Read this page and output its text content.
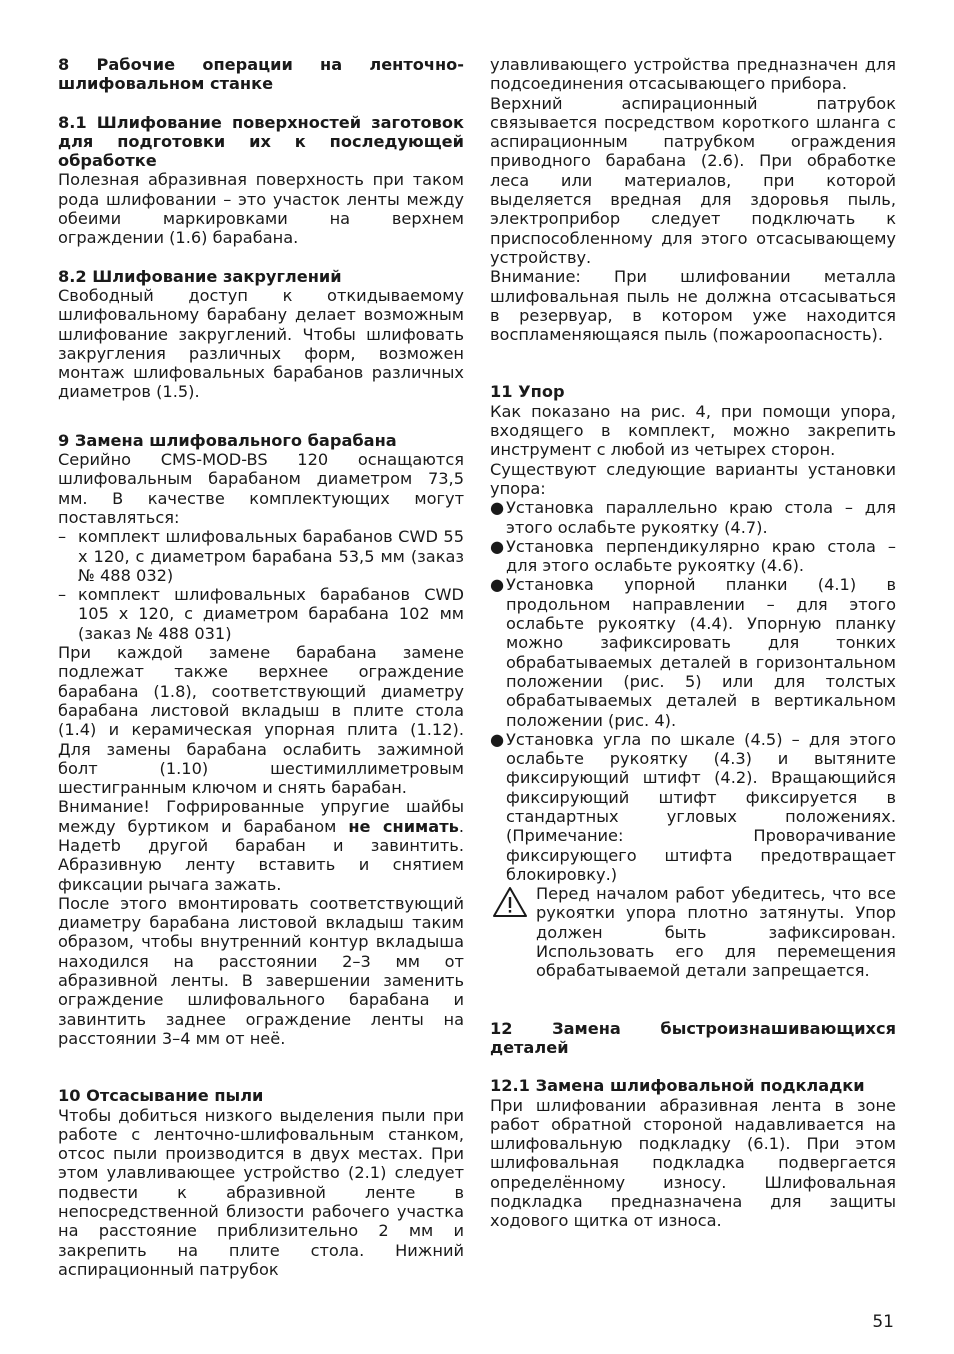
8 Рабочие операции на ленточно-шлифовальном станке

8.1 Шлифование поверхностей заготовок для подготовки их к последующей обработке

Полезная абразивная поверхность при таком рода шлифовании – это участок ленты между обеими маркировками на верхнем ограждении (1.6) барабана.

8.2 Шлифование закруглений

Свободный доступ к откидываемому шлифовальному барабану делает возможным шлифование закруглений. Чтобы шлифовать закругления различных форм, возможен монтаж шлифовальных барабанов различных диаметров (1.5).

9 Замена шлифовального барабана

Серийно CMS-MOD-BS 120 оснащаются шлифовальным барабаном диаметром 73,5 мм. В качестве комплектующих могут поставляться:

– комплект шлифовальных барабанов CWD 55 x 120, с диаметром барабана 53,5 мм (заказ № 488 032)
– комплект шлифовальных барабанов CWD 105 x 120, с диаметром барабана 102 мм (заказ № 488 031)

При каждой замене барабана замене подлежат также верхнее ограждение барабана (1.8), соответствующий диаметру барабана листовой вкладыш в плите стола (1.4) и керамическая упорная плита (1.12). Для замены барабана ослабить зажимной болт (1.10) шестимиллиметровым шестигранным ключом и снять барабан.

Внимание! Гофрированные упругие шайбы между буртиком и барабаном не снимать. Надетb другой барабан и завинтить. Абразивную ленту вставить и снятием фиксации рычага зажать.

После этого вмонтировать соответствующий диаметру барабана листовой вкладыш таким образом, чтобы внутренний контур вкладыша находился на расстоянии 2–3 мм от абразивной ленты. В завершении заменить ограждение шлифовального барабана и завинтить заднее ограждение ленты на расстоянии 3–4 мм от неё.

10 Отсасывание пыли

Чтобы добиться низкого выделения пыли при работе с ленточно-шлифовальным станком, отсос пыли производится в двух местах. При этом улавливающее устройство (2.1) следует подвести к абразивной ленте в непосредственной близости рабочего участка на расстояние приблизительно 2 мм и закрепить на плите стола. Нижний аспирационный патрубок

улавливающего устройства предназначен для подсоединения отсасывающего прибора.

Верхний аспирационный патрубок связывается посредством короткого шланга с аспирационным патрубком ограждения приводного барабана (2.6). При обработке леса или материалов, при которой выделяется вредная для здоровья пыль, электроприбор следует подключать к приспособленному для этого отсасывающему устройству.

Внимание: При шлифовании металла шлифовальная пыль не должна отсасываться в резервуар, в котором уже находится воспламеняющаяся пыль (пожароопасность).

11 Упор

Как показано на рис. 4, при помощи упора, входящего в комплект, можно закрепить инструмент с любой из четырех сторон.

Существуют следующие варианты установки упора:

● Установка параллельно краю стола – для этого ослабьте рукоятку (4.7).
● Установка перпендикулярно краю стола – для этого ослабьте рукоятку (4.6).
● Установка упорной планки (4.1) в продольном направлении – для этого ослабьте рукоятку (4.4). Упорную планку можно зафиксировать для тонких обрабатываемых деталей в горизонтальном положении (рис. 5) или для толстых обрабатываемых деталей в вертикальном положении (рис. 4).
● Установка угла по шкале (4.5) – для этого ослабьте рукоятку (4.3) и вытяните фиксирующий штифт (4.2). Вращающийся фиксирующий штифт фиксируется в стандартных угловых положениях. (Примечание: Проворачивание фиксирующего штифта предотвращает блокировку.)
Перед началом работ убедитесь, что все рукоятки упора плотно затянуты. Упор должен быть зафиксирован. Использовать его для перемещения обрабатываемой детали запрещается.

12 Замена быстроизнашивающихся деталей

12.1 Замена шлифовальной подкладки

При шлифовании абразивная лента в зоне работ обратной стороной надавливается на шлифовальную подкладку (6.1). При этом шлифовальная подкладка подвергается определённому износу. Шлифовальная подкладка предназначена для защиты ходового щитка от износа.

51
